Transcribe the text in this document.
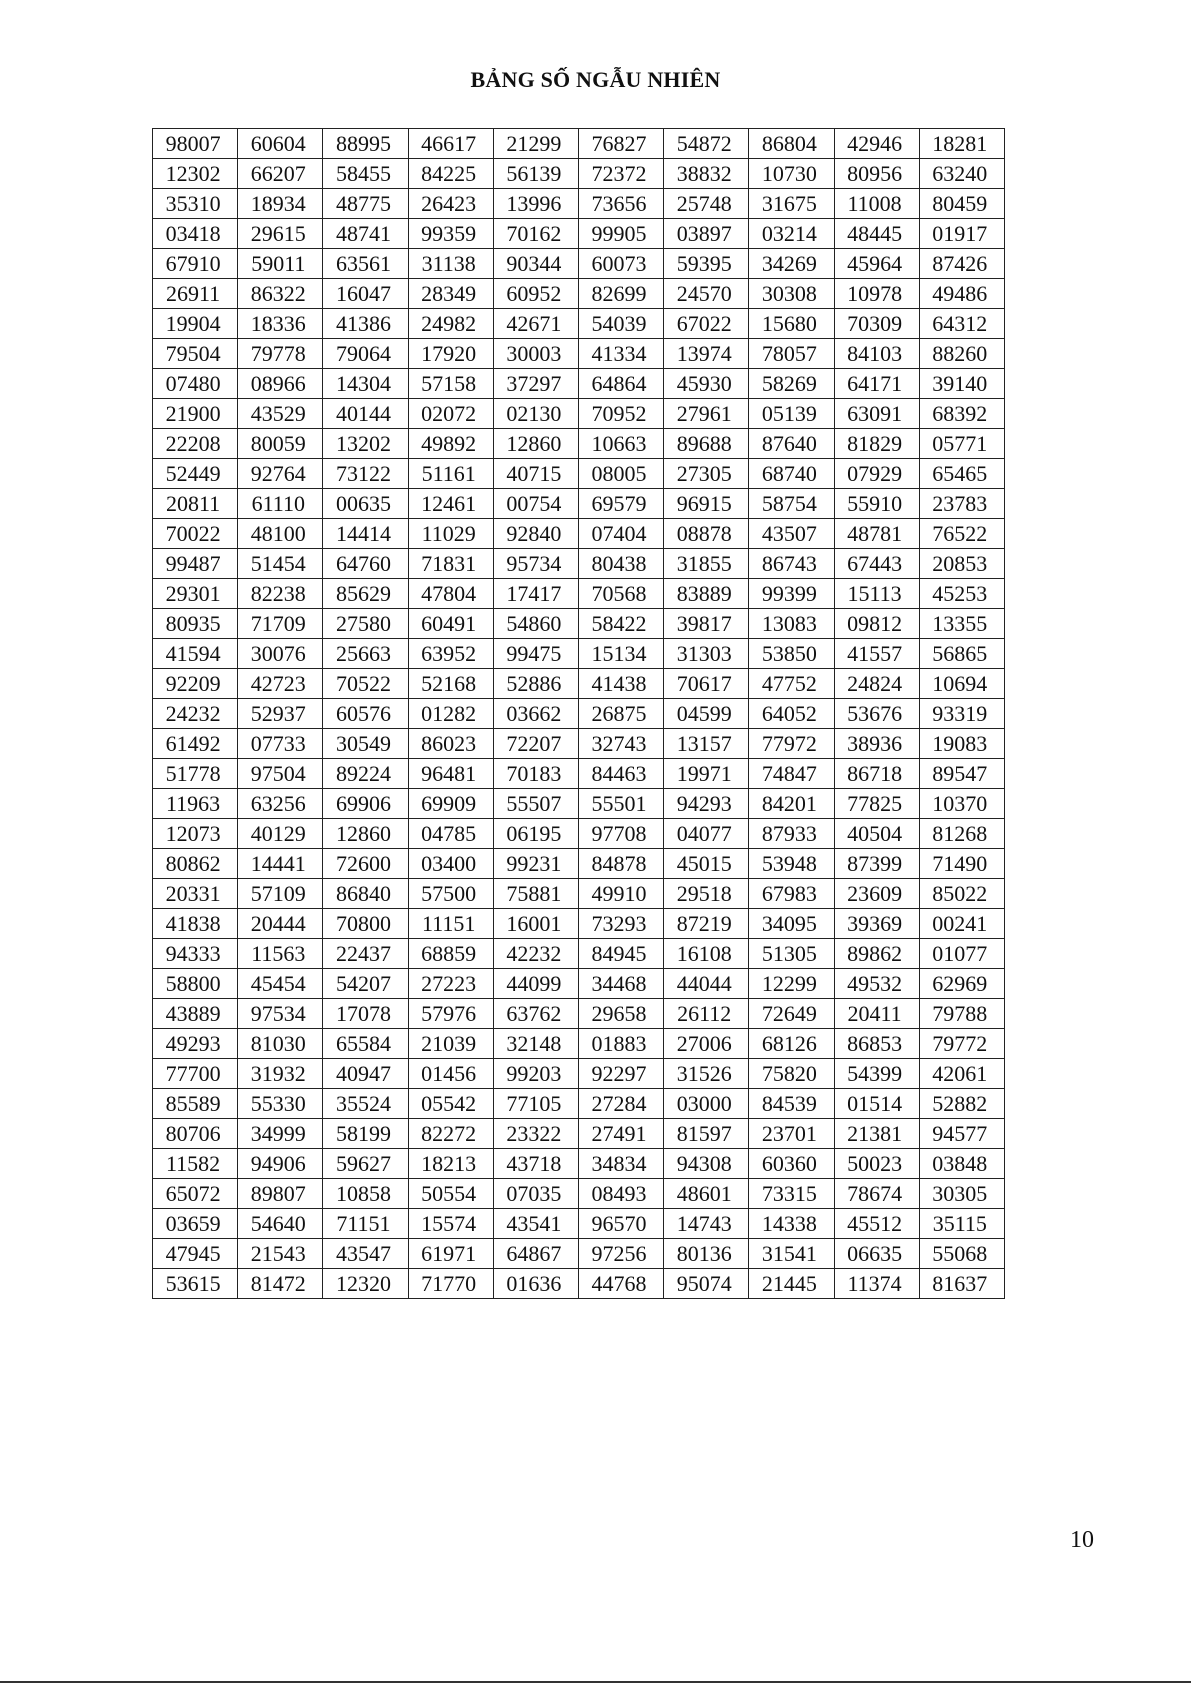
BẢNG SỐ NGẪU NHIÊN
98007	60604	88995	46617	21299	76827	54872	86804	42946	18281
12302	66207	58455	84225	56139	72372	38832	10730	80956	63240
35310	18934	48775	26423	13996	73656	25748	31675	11008	80459
03418	29615	48741	99359	70162	99905	03897	03214	48445	01917
67910	59011	63561	31138	90344	60073	59395	34269	45964	87426
26911	86322	16047	28349	60952	82699	24570	30308	10978	49486
19904	18336	41386	24982	42671	54039	67022	15680	70309	64312
79504	79778	79064	17920	30003	41334	13974	78057	84103	88260
07480	08966	14304	57158	37297	64864	45930	58269	64171	39140
21900	43529	40144	02072	02130	70952	27961	05139	63091	68392
22208	80059	13202	49892	12860	10663	89688	87640	81829	05771
52449	92764	73122	51161	40715	08005	27305	68740	07929	65465
20811	61110	00635	12461	00754	69579	96915	58754	55910	23783
70022	48100	14414	11029	92840	07404	08878	43507	48781	76522
99487	51454	64760	71831	95734	80438	31855	86743	67443	20853
29301	82238	85629	47804	17417	70568	83889	99399	15113	45253
80935	71709	27580	60491	54860	58422	39817	13083	09812	13355
41594	30076	25663	63952	99475	15134	31303	53850	41557	56865
92209	42723	70522	52168	52886	41438	70617	47752	24824	10694
24232	52937	60576	01282	03662	26875	04599	64052	53676	93319
61492	07733	30549	86023	72207	32743	13157	77972	38936	19083
51778	97504	89224	96481	70183	84463	19971	74847	86718	89547
11963	63256	69906	69909	55507	55501	94293	84201	77825	10370
12073	40129	12860	04785	06195	97708	04077	87933	40504	81268
80862	14441	72600	03400	99231	84878	45015	53948	87399	71490
20331	57109	86840	57500	75881	49910	29518	67983	23609	85022
41838	20444	70800	11151	16001	73293	87219	34095	39369	00241
94333	11563	22437	68859	42232	84945	16108	51305	89862	01077
58800	45454	54207	27223	44099	34468	44044	12299	49532	62969
43889	97534	17078	57976	63762	29658	26112	72649	20411	79788
49293	81030	65584	21039	32148	01883	27006	68126	86853	79772
77700	31932	40947	01456	99203	92297	31526	75820	54399	42061
85589	55330	35524	05542	77105	27284	03000	84539	01514	52882
80706	34999	58199	82272	23322	27491	81597	23701	21381	94577
11582	94906	59627	18213	43718	34834	94308	60360	50023	03848
65072	89807	10858	50554	07035	08493	48601	73315	78674	30305
03659	54640	71151	15574	43541	96570	14743	14338	45512	35115
47945	21543	43547	61971	64867	97256	80136	31541	06635	55068
53615	81472	12320	71770	01636	44768	95074	21445	11374	81637
10
